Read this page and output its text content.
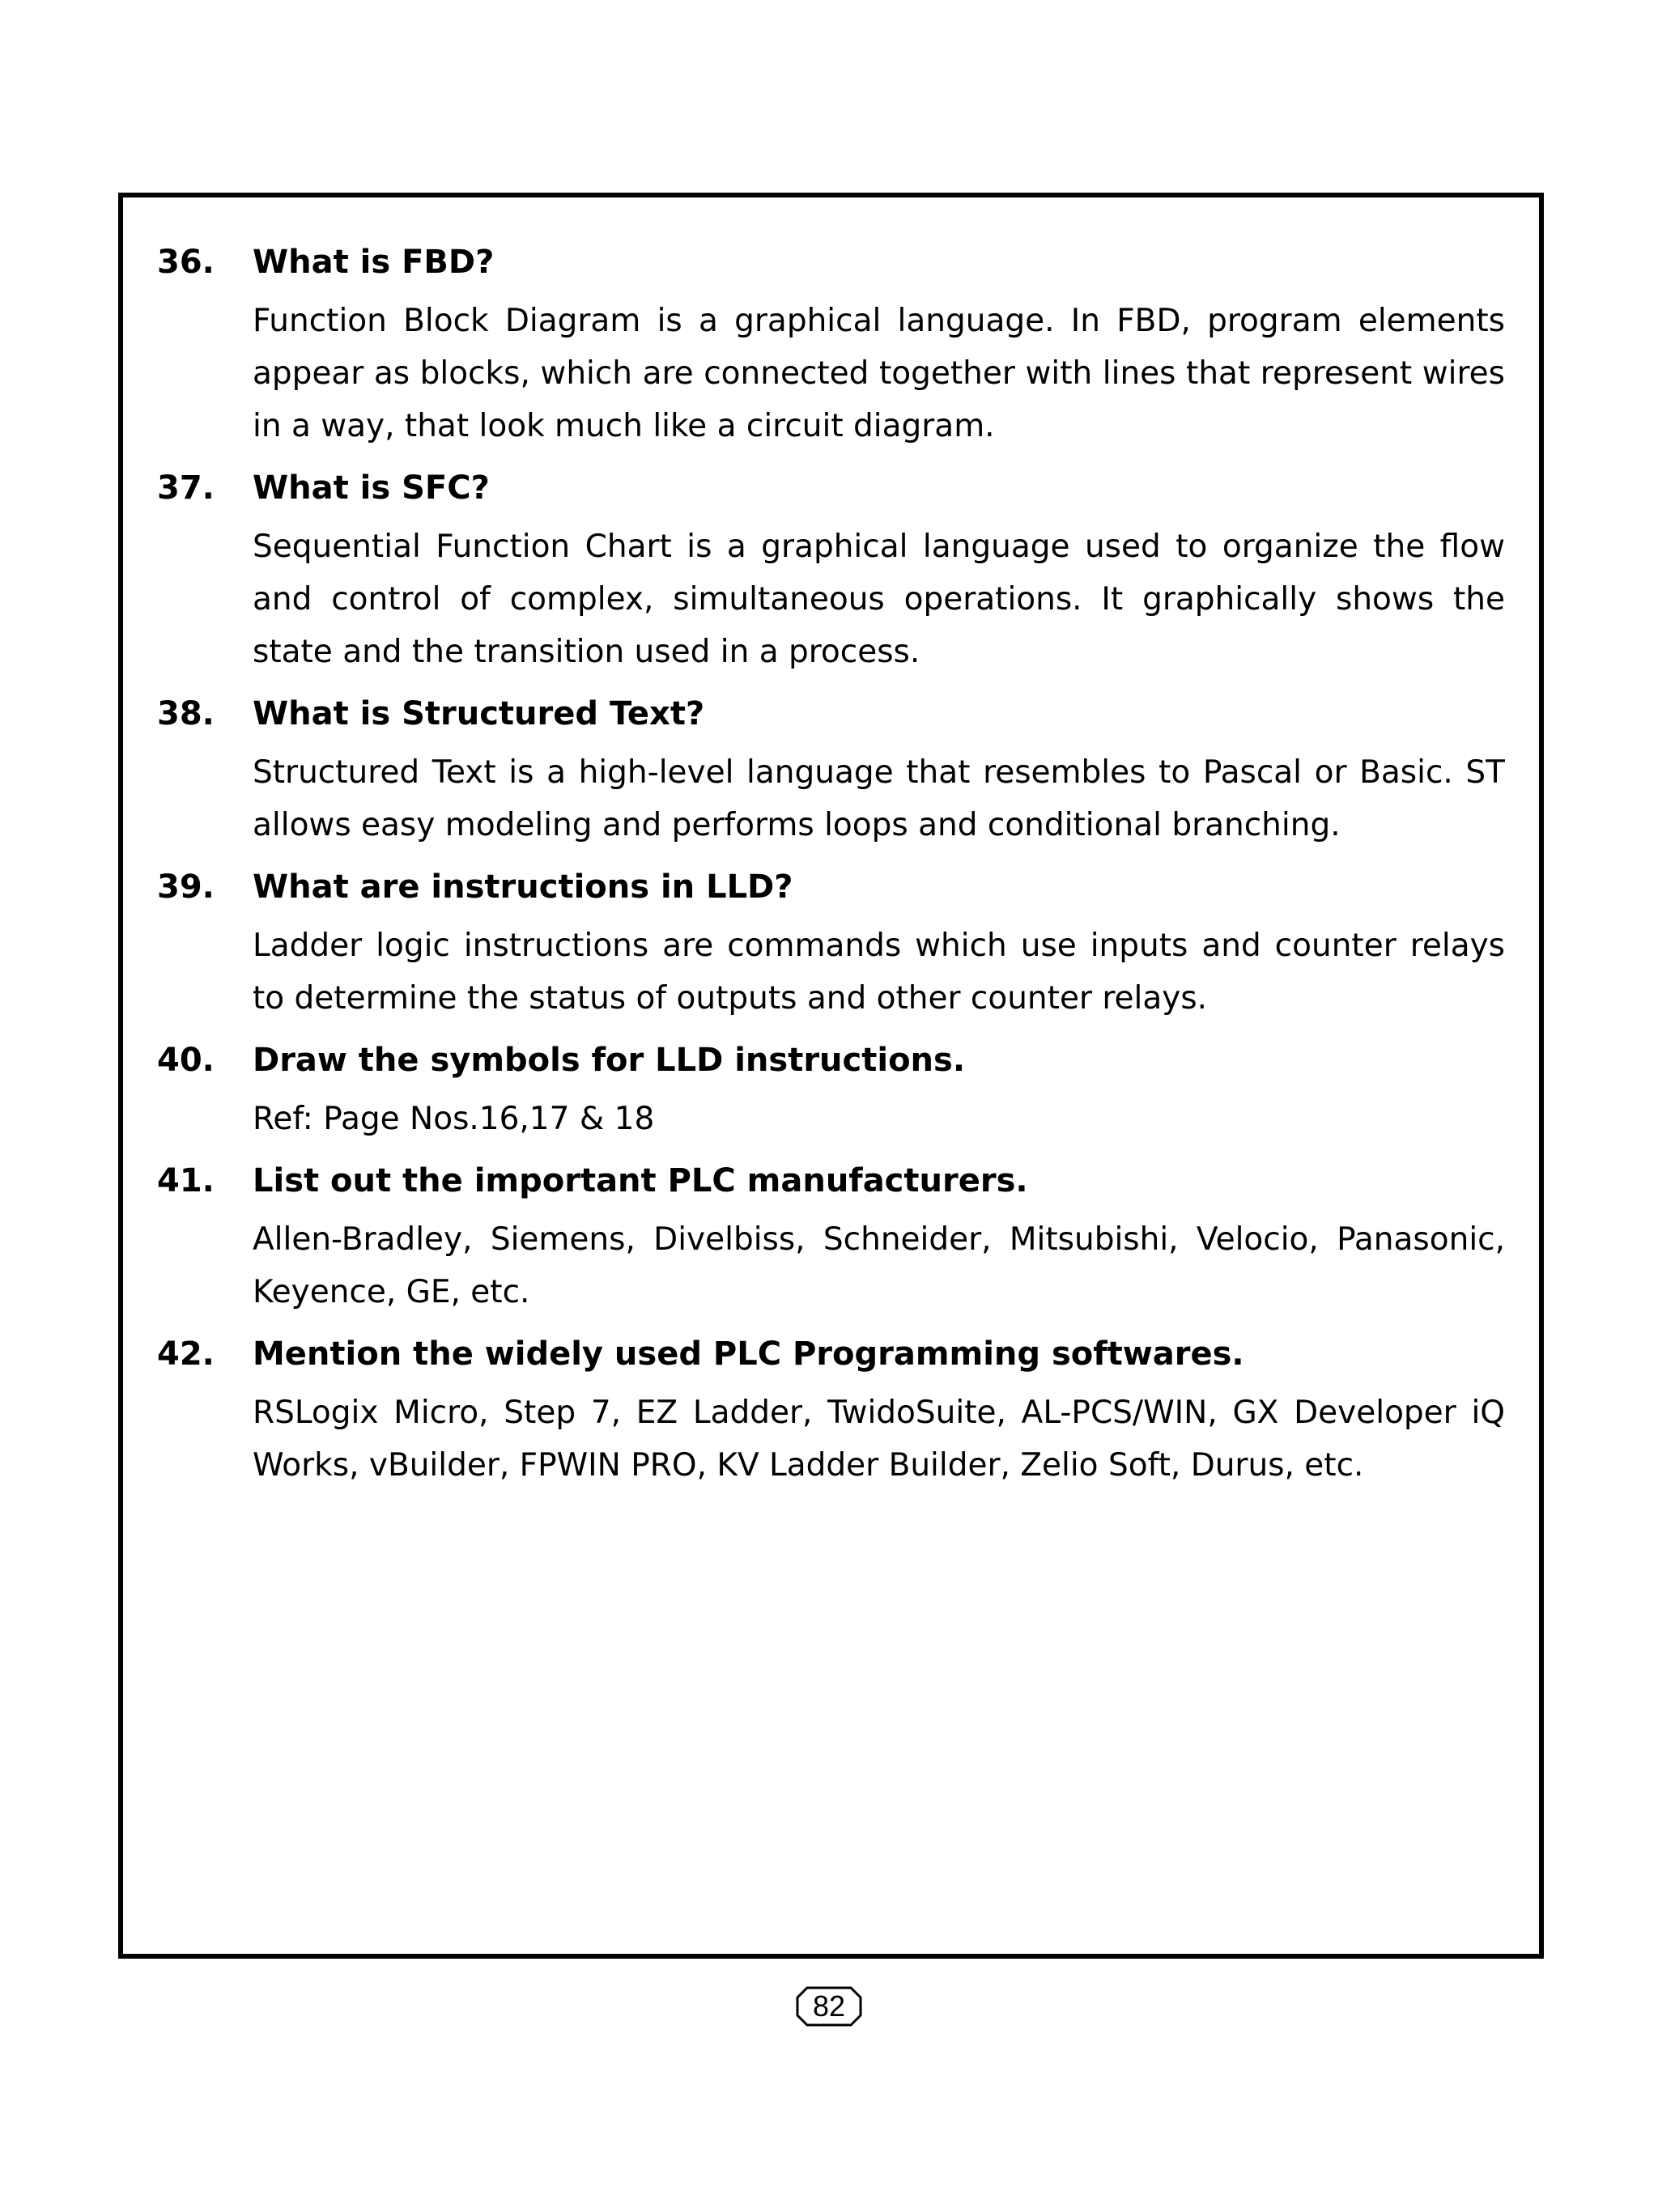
36. What is FBD?
Function Block Diagram is a graphical language. In FBD, program elements appear as blocks, which are connected together with lines that represent wires in a way, that look much like a circuit diagram.
37. What is SFC?
Sequential Function Chart is a graphical language used to organize the flow and control of complex, simultaneous operations. It graphically shows the state and the transition used in a process.
38. What is Structured Text?
Structured Text is a high-level language that resembles to Pascal or Basic. ST allows easy modeling and performs loops and conditional branching.
39. What are instructions in LLD?
Ladder logic instructions are commands which use inputs and counter relays to determine the status of outputs and other counter relays.
40. Draw the symbols for LLD instructions.
Ref: Page Nos.16,17 & 18
41. List out the important PLC manufacturers.
Allen-Bradley, Siemens, Divelbiss, Schneider, Mitsubishi, Velocio, Panasonic, Keyence, GE, etc.
42. Mention the widely used PLC Programming softwares.
RSLogix Micro, Step 7, EZ Ladder, TwidoSuite, AL-PCS/WIN, GX Developer iQ Works, vBuilder, FPWIN PRO, KV Ladder Builder, Zelio Soft, Durus, etc.
82
